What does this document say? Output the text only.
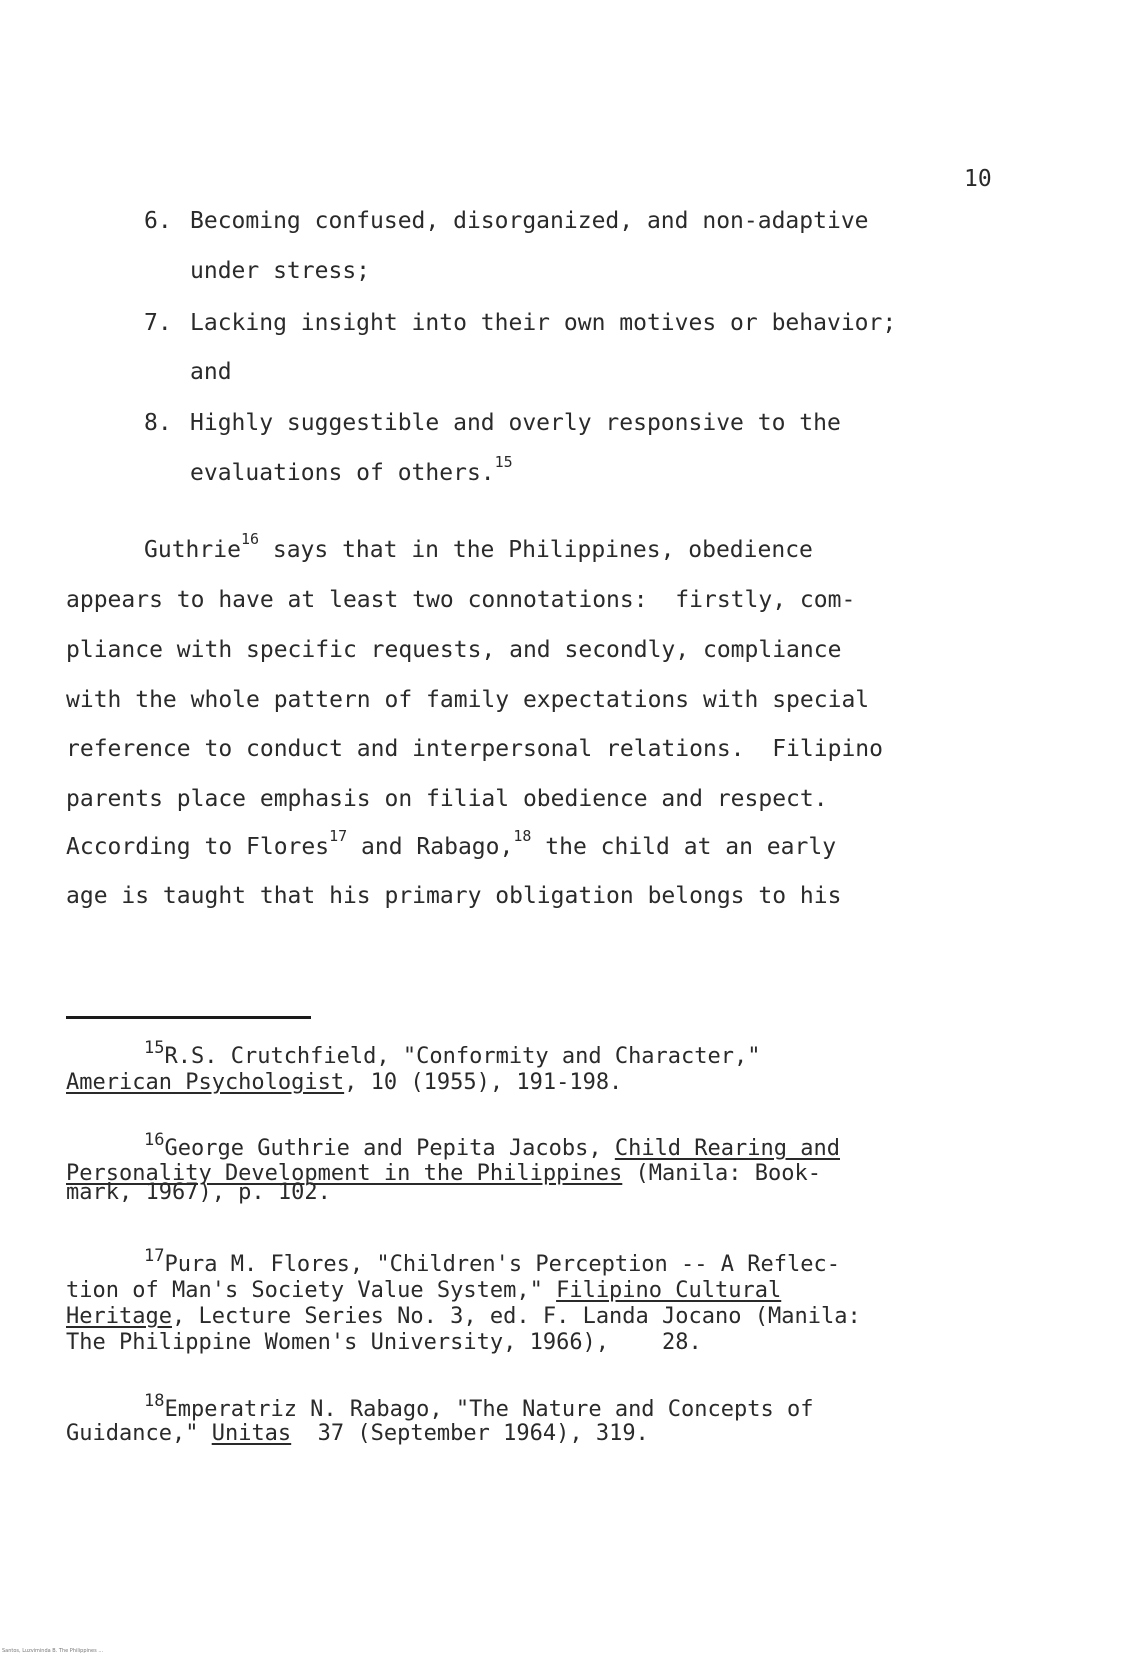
10
6. Becoming confused, disorganized, and non-adaptive
under stress;
7. Lacking insight into their own motives or behavior;
and
8. Highly suggestible and overly responsive to the
evaluations of others.$^{15}$
Guthrie$^{16}$ says that in the Philippines, obedience
appears to have at least two connotations:  firstly, com-
pliance with specific requests, and secondly, compliance
with the whole pattern of family expectations with special
reference to conduct and interpersonal relations.  Filipino
parents place emphasis on filial obedience and respect.
According to Flores$^{17}$ and Rabago,$^{18}$ the child at an early
age is taught that his primary obligation belongs to his
$^{15}$R.S. Crutchfield, "Conformity and Character,"
American Psychologist, 10 (1955), 191-198.
$^{16}$George Guthrie and Pepita Jacobs, Child Rearing and
Personality Development in the Philippines (Manila: Book-
mark, 1967), p. 102.
$^{17}$Pura M. Flores, "Children's Perception -- A Reflec-
tion of Man's Society Value System," Filipino Cultural
Heritage, Lecture Series No. 3, ed. F. Landa Jocano (Manila:
The Philippine Women's University, 1966),    28.
$^{18}$Emperatriz N. Rabago, "The Nature and Concepts of
Guidance," Unitas  37 (September 1964), 319.
Santos, Luzviminda B. The Philippines ...
